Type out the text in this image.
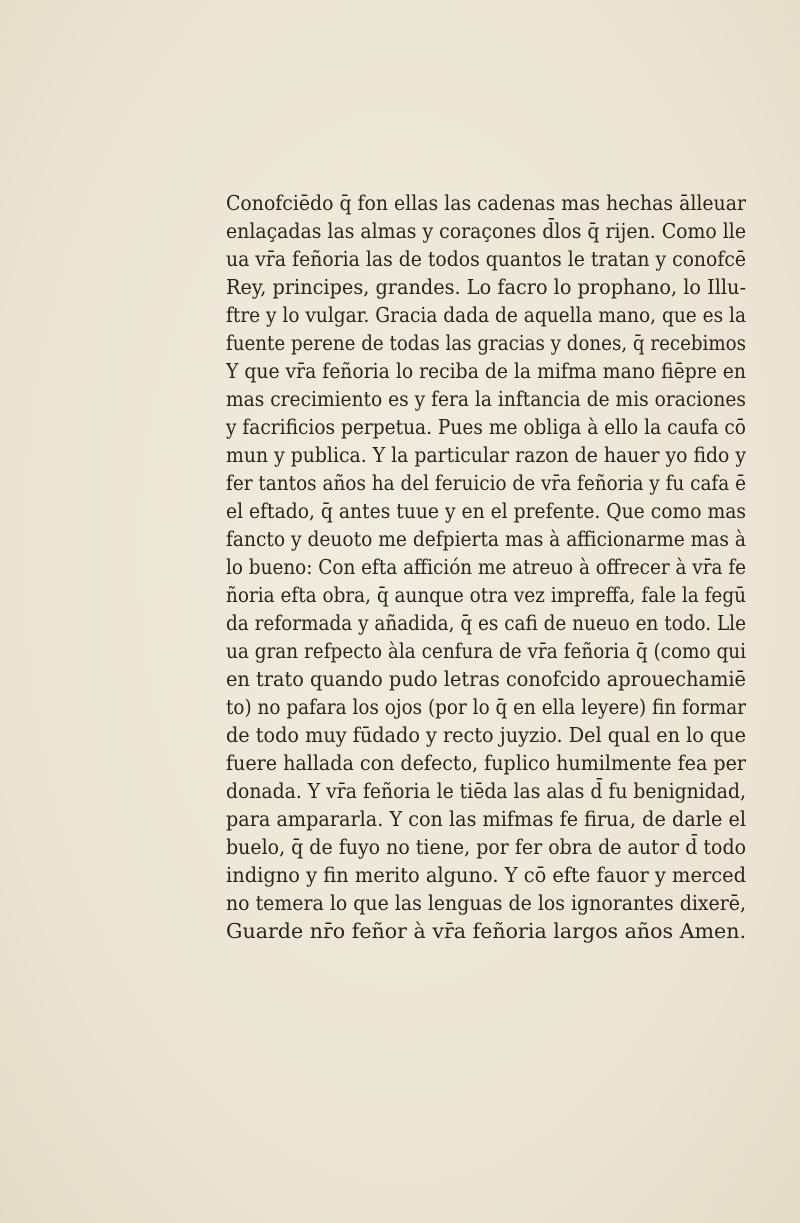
Conofciēdo q̄ fon ellas las cadenas mas hechas ālleuar
enlaçadas las almas y coraçones d̄los q̄ rijen. Como lle
ua vr̄a feñoria las de todos quantos le tratan y conofcē
Rey, principes, grandes. Lo facro lo prophano, lo Illu-
ftre y lo vulgar. Gracia dada de aquella mano, que es la
fuente perene de todas las gracias y dones, q̄ recebimos
Y que vr̄a feñoria lo reciba de la mifma mano fiēpre en
mas crecimiento es y fera la inftancia de mis oraciones
y facrificios perpetua. Pues me obliga à ello la caufa cō
mun y publica. Y la particular razon de hauer yo fido y
fer tantos años ha del feruicio de vr̄a feñoria y fu cafa ē
el eftado, q̄ antes tuue y en el prefente. Que como mas
fancto y deuoto me defpierta mas à afficionarme mas à
lo bueno: Con efta affición me atreuo à offrecer à vr̄a fe
ñoria efta obra, q̄ aunque otra vez impreffa, fale la fegū
da reformada y añadida, q̄ es cafi de nueuo en todo. Lle
ua gran refpecto àla cenfura de vr̄a feñoria q̄ (como qui
en trato quando pudo letras conofcido aprouechamiē
to) no pafara los ojos (por lo q̄ en ella leyere) fin formar
de todo muy fūdado y recto juyzio. Del qual en lo que
fuere hallada con defecto, fuplico humilmente fea per
donada. Y vr̄a feñoria le tiēda las alas d̄ fu benignidad,
para ampararla. Y con las mifmas fe firua, de darle el
buelo, q̄ de fuyo no tiene, por fer obra de autor d̄ todo
indigno y fin merito alguno. Y cō efte fauor y merced
no temera lo que las lenguas de los ignorantes dixerē,
Guarde nr̄o feñor à vr̄a feñoria largos años Amen.
